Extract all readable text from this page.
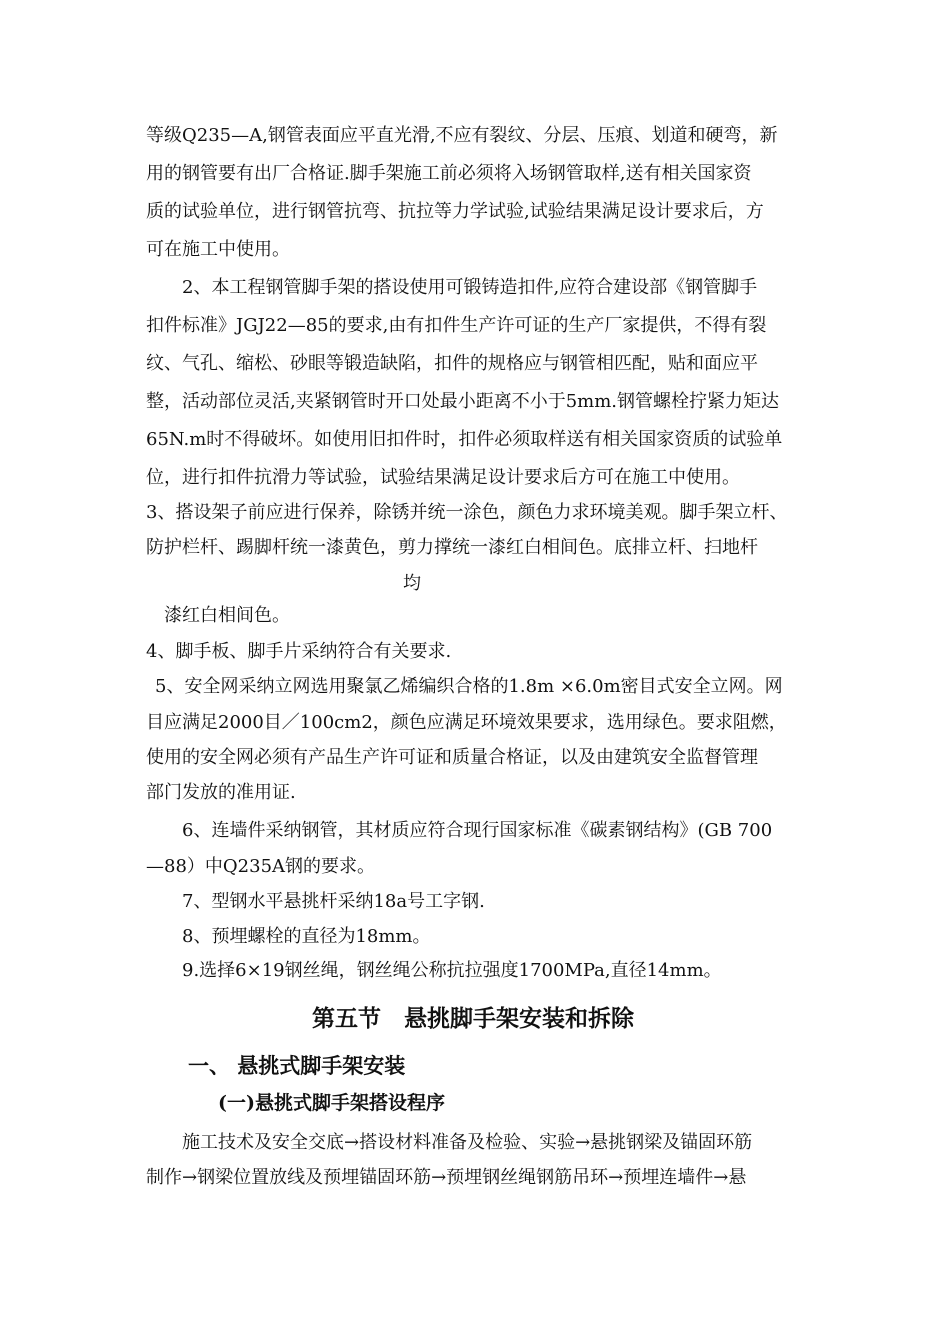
等级Q235—A,钢管表面应平直光滑,不应有裂纹、分层、压痕、划道和硬弯，新
用的钢管要有出厂合格证.脚手架施工前必须将入场钢管取样,送有相关国家资
质的试验单位，进行钢管抗弯、抗拉等力学试验,试验结果满足设计要求后，方
可在施工中使用。
2、本工程钢管脚手架的搭设使用可锻铸造扣件,应符合建设部《钢管脚手
扣件标准》JGJ22—85的要求,由有扣件生产许可证的生产厂家提供，不得有裂
纹、气孔、缩松、砂眼等锻造缺陷，扣件的规格应与钢管相匹配，贴和面应平
整，活动部位灵活,夹紧钢管时开口处最小距离不小于5mm.钢管螺栓拧紧力矩达
65N.m时不得破坏。如使用旧扣件时，扣件必须取样送有相关国家资质的试验单
位，进行扣件抗滑力等试验，试验结果满足设计要求后方可在施工中使用。
3、搭设架子前应进行保养，除锈并统一涂色，颜色力求环境美观。脚手架立杆、
防护栏杆、踢脚杆统一漆黄色，剪力撑统一漆红白相间色。底排立杆、扫地杆
均
漆红白相间色。
4、脚手板、脚手片采纳符合有关要求.
5、安全网采纳立网选用聚氯乙烯编织合格的1.8m ×6.0m密目式安全立网。网
目应满足2000目／100cm2，颜色应满足环境效果要求，选用绿色。要求阻燃，
使用的安全网必须有产品生产许可证和质量合格证，以及由建筑安全监督管理
部门发放的准用证.
6、连墙件采纳钢管，其材质应符合现行国家标准《碳素钢结构》(GB 700
—88）中Q235A钢的要求。
7、型钢水平悬挑杆采纳18a号工字钢.
8、预埋螺栓的直径为18mm。
9.选择6×19钢丝绳，钢丝绳公称抗拉强度1700MPa,直径14mm。
第五节　悬挑脚手架安装和拆除
一、 悬挑式脚手架安装
(一)悬挑式脚手架搭设程序
施工技术及安全交底→搭设材料准备及检验、实验→悬挑钢梁及锚固环筋
制作→钢梁位置放线及预埋锚固环筋→预埋钢丝绳钢筋吊环→预埋连墙件→悬
